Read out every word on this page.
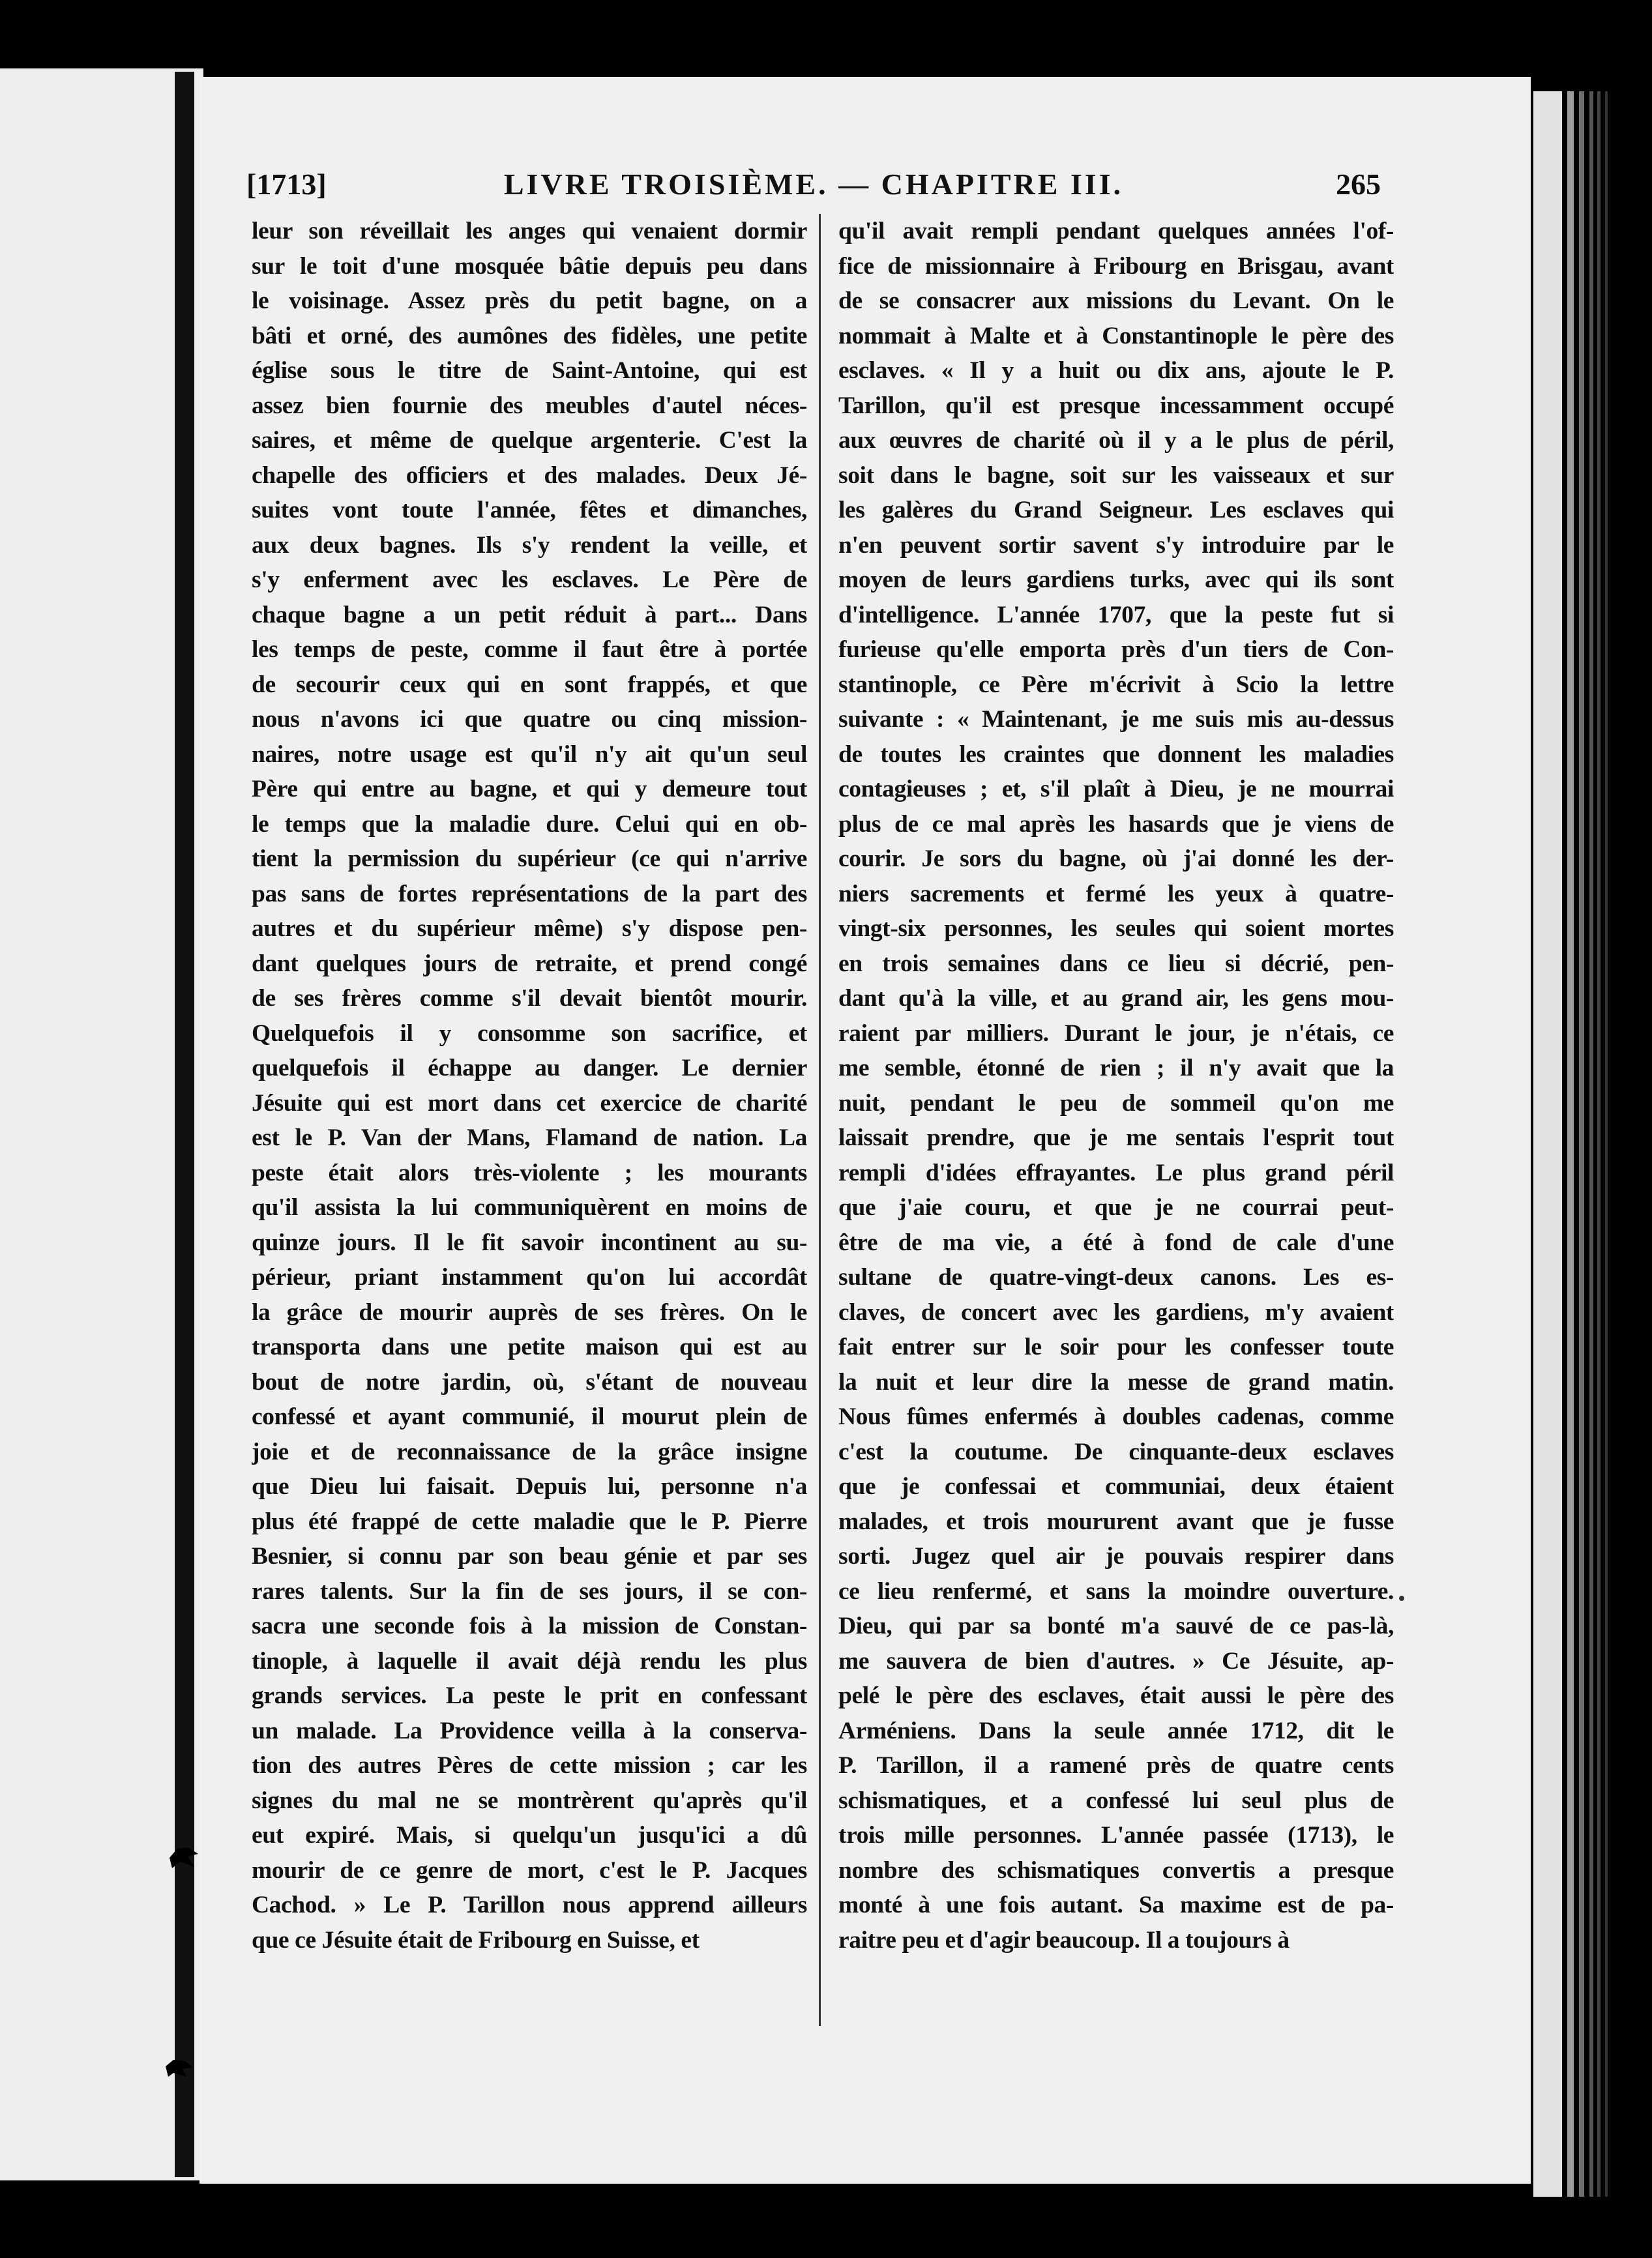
[1713]	LIVRE TROISIÈME. — CHAPITRE III.	265
leur son réveillait les anges qui venaient dormir
sur le toit d'une mosquée bâtie depuis peu dans
le voisinage. Assez près du petit bagne, on a
bâti et orné, des aumônes des fidèles, une petite
église sous le titre de Saint-Antoine, qui est
assez bien fournie des meubles d'autel néces-
saires, et même de quelque argenterie. C'est la
chapelle des officiers et des malades. Deux Jé-
suites vont toute l'année, fêtes et dimanches,
aux deux bagnes. Ils s'y rendent la veille, et
s'y enferment avec les esclaves. Le Père de
chaque bagne a un petit réduit à part... Dans
les temps de peste, comme il faut être à portée
de secourir ceux qui en sont frappés, et que
nous n'avons ici que quatre ou cinq mission-
naires, notre usage est qu'il n'y ait qu'un seul
Père qui entre au bagne, et qui y demeure tout
le temps que la maladie dure. Celui qui en ob-
tient la permission du supérieur (ce qui n'arrive
pas sans de fortes représentations de la part des
autres et du supérieur même) s'y dispose pen-
dant quelques jours de retraite, et prend congé
de ses frères comme s'il devait bientôt mourir.
Quelquefois il y consomme son sacrifice, et
quelquefois il échappe au danger. Le dernier
Jésuite qui est mort dans cet exercice de charité
est le P. Van der Mans, Flamand de nation. La
peste était alors très-violente ; les mourants
qu'il assista la lui communiquèrent en moins de
quinze jours. Il le fit savoir incontinent au su-
périeur, priant instamment qu'on lui accordât
la grâce de mourir auprès de ses frères. On le
transporta dans une petite maison qui est au
bout de notre jardin, où, s'étant de nouveau
confessé et ayant communié, il mourut plein de
joie et de reconnaissance de la grâce insigne
que Dieu lui faisait. Depuis lui, personne n'a
plus été frappé de cette maladie que le P. Pierre
Besnier, si connu par son beau génie et par ses
rares talents. Sur la fin de ses jours, il se con-
sacra une seconde fois à la mission de Constan-
tinople, à laquelle il avait déjà rendu les plus
grands services. La peste le prit en confessant
un malade. La Providence veilla à la conserva-
tion des autres Pères de cette mission ; car les
signes du mal ne se montrèrent qu'après qu'il
eut expiré. Mais, si quelqu'un jusqu'ici a dû
mourir de ce genre de mort, c'est le P. Jacques
Cachod. » Le P. Tarillon nous apprend ailleurs
que ce Jésuite était de Fribourg en Suisse, et
qu'il avait rempli pendant quelques années l'of-
fice de missionnaire à Fribourg en Brisgau, avant
de se consacrer aux missions du Levant. On le
nommait à Malte et à Constantinople le père des
esclaves. « Il y a huit ou dix ans, ajoute le P.
Tarillon, qu'il est presque incessamment occupé
aux œuvres de charité où il y a le plus de péril,
soit dans le bagne, soit sur les vaisseaux et sur
les galères du Grand Seigneur. Les esclaves qui
n'en peuvent sortir savent s'y introduire par le
moyen de leurs gardiens turks, avec qui ils sont
d'intelligence. L'année 1707, que la peste fut si
furieuse qu'elle emporta près d'un tiers de Con-
stantinople, ce Père m'écrivit à Scio la lettre
suivante : « Maintenant, je me suis mis au-dessus
de toutes les craintes que donnent les maladies
contagieuses ; et, s'il plaît à Dieu, je ne mourrai
plus de ce mal après les hasards que je viens de
courir. Je sors du bagne, où j'ai donné les der-
niers sacrements et fermé les yeux à quatre-
vingt-six personnes, les seules qui soient mortes
en trois semaines dans ce lieu si décrié, pen-
dant qu'à la ville, et au grand air, les gens mou-
raient par milliers. Durant le jour, je n'étais, ce
me semble, étonné de rien ; il n'y avait que la
nuit, pendant le peu de sommeil qu'on me
laissait prendre, que je me sentais l'esprit tout
rempli d'idées effrayantes. Le plus grand péril
que j'aie couru, et que je ne courrai peut-
être de ma vie, a été à fond de cale d'une
sultane de quatre-vingt-deux canons. Les es-
claves, de concert avec les gardiens, m'y avaient
fait entrer sur le soir pour les confesser toute
la nuit et leur dire la messe de grand matin.
Nous fûmes enfermés à doubles cadenas, comme
c'est la coutume. De cinquante-deux esclaves
que je confessai et communiai, deux étaient
malades, et trois moururent avant que je fusse
sorti. Jugez quel air je pouvais respirer dans
ce lieu renfermé, et sans la moindre ouverture.
Dieu, qui par sa bonté m'a sauvé de ce pas-là,
me sauvera de bien d'autres. » Ce Jésuite, ap-
pelé le père des esclaves, était aussi le père des
Arméniens. Dans la seule année 1712, dit le
P. Tarillon, il a ramené près de quatre cents
schismatiques, et a confessé lui seul plus de
trois mille personnes. L'année passée (1713), le
nombre des schismatiques convertis a presque
monté à une fois autant. Sa maxime est de pa-
raitre peu et d'agir beaucoup. Il a toujours à
